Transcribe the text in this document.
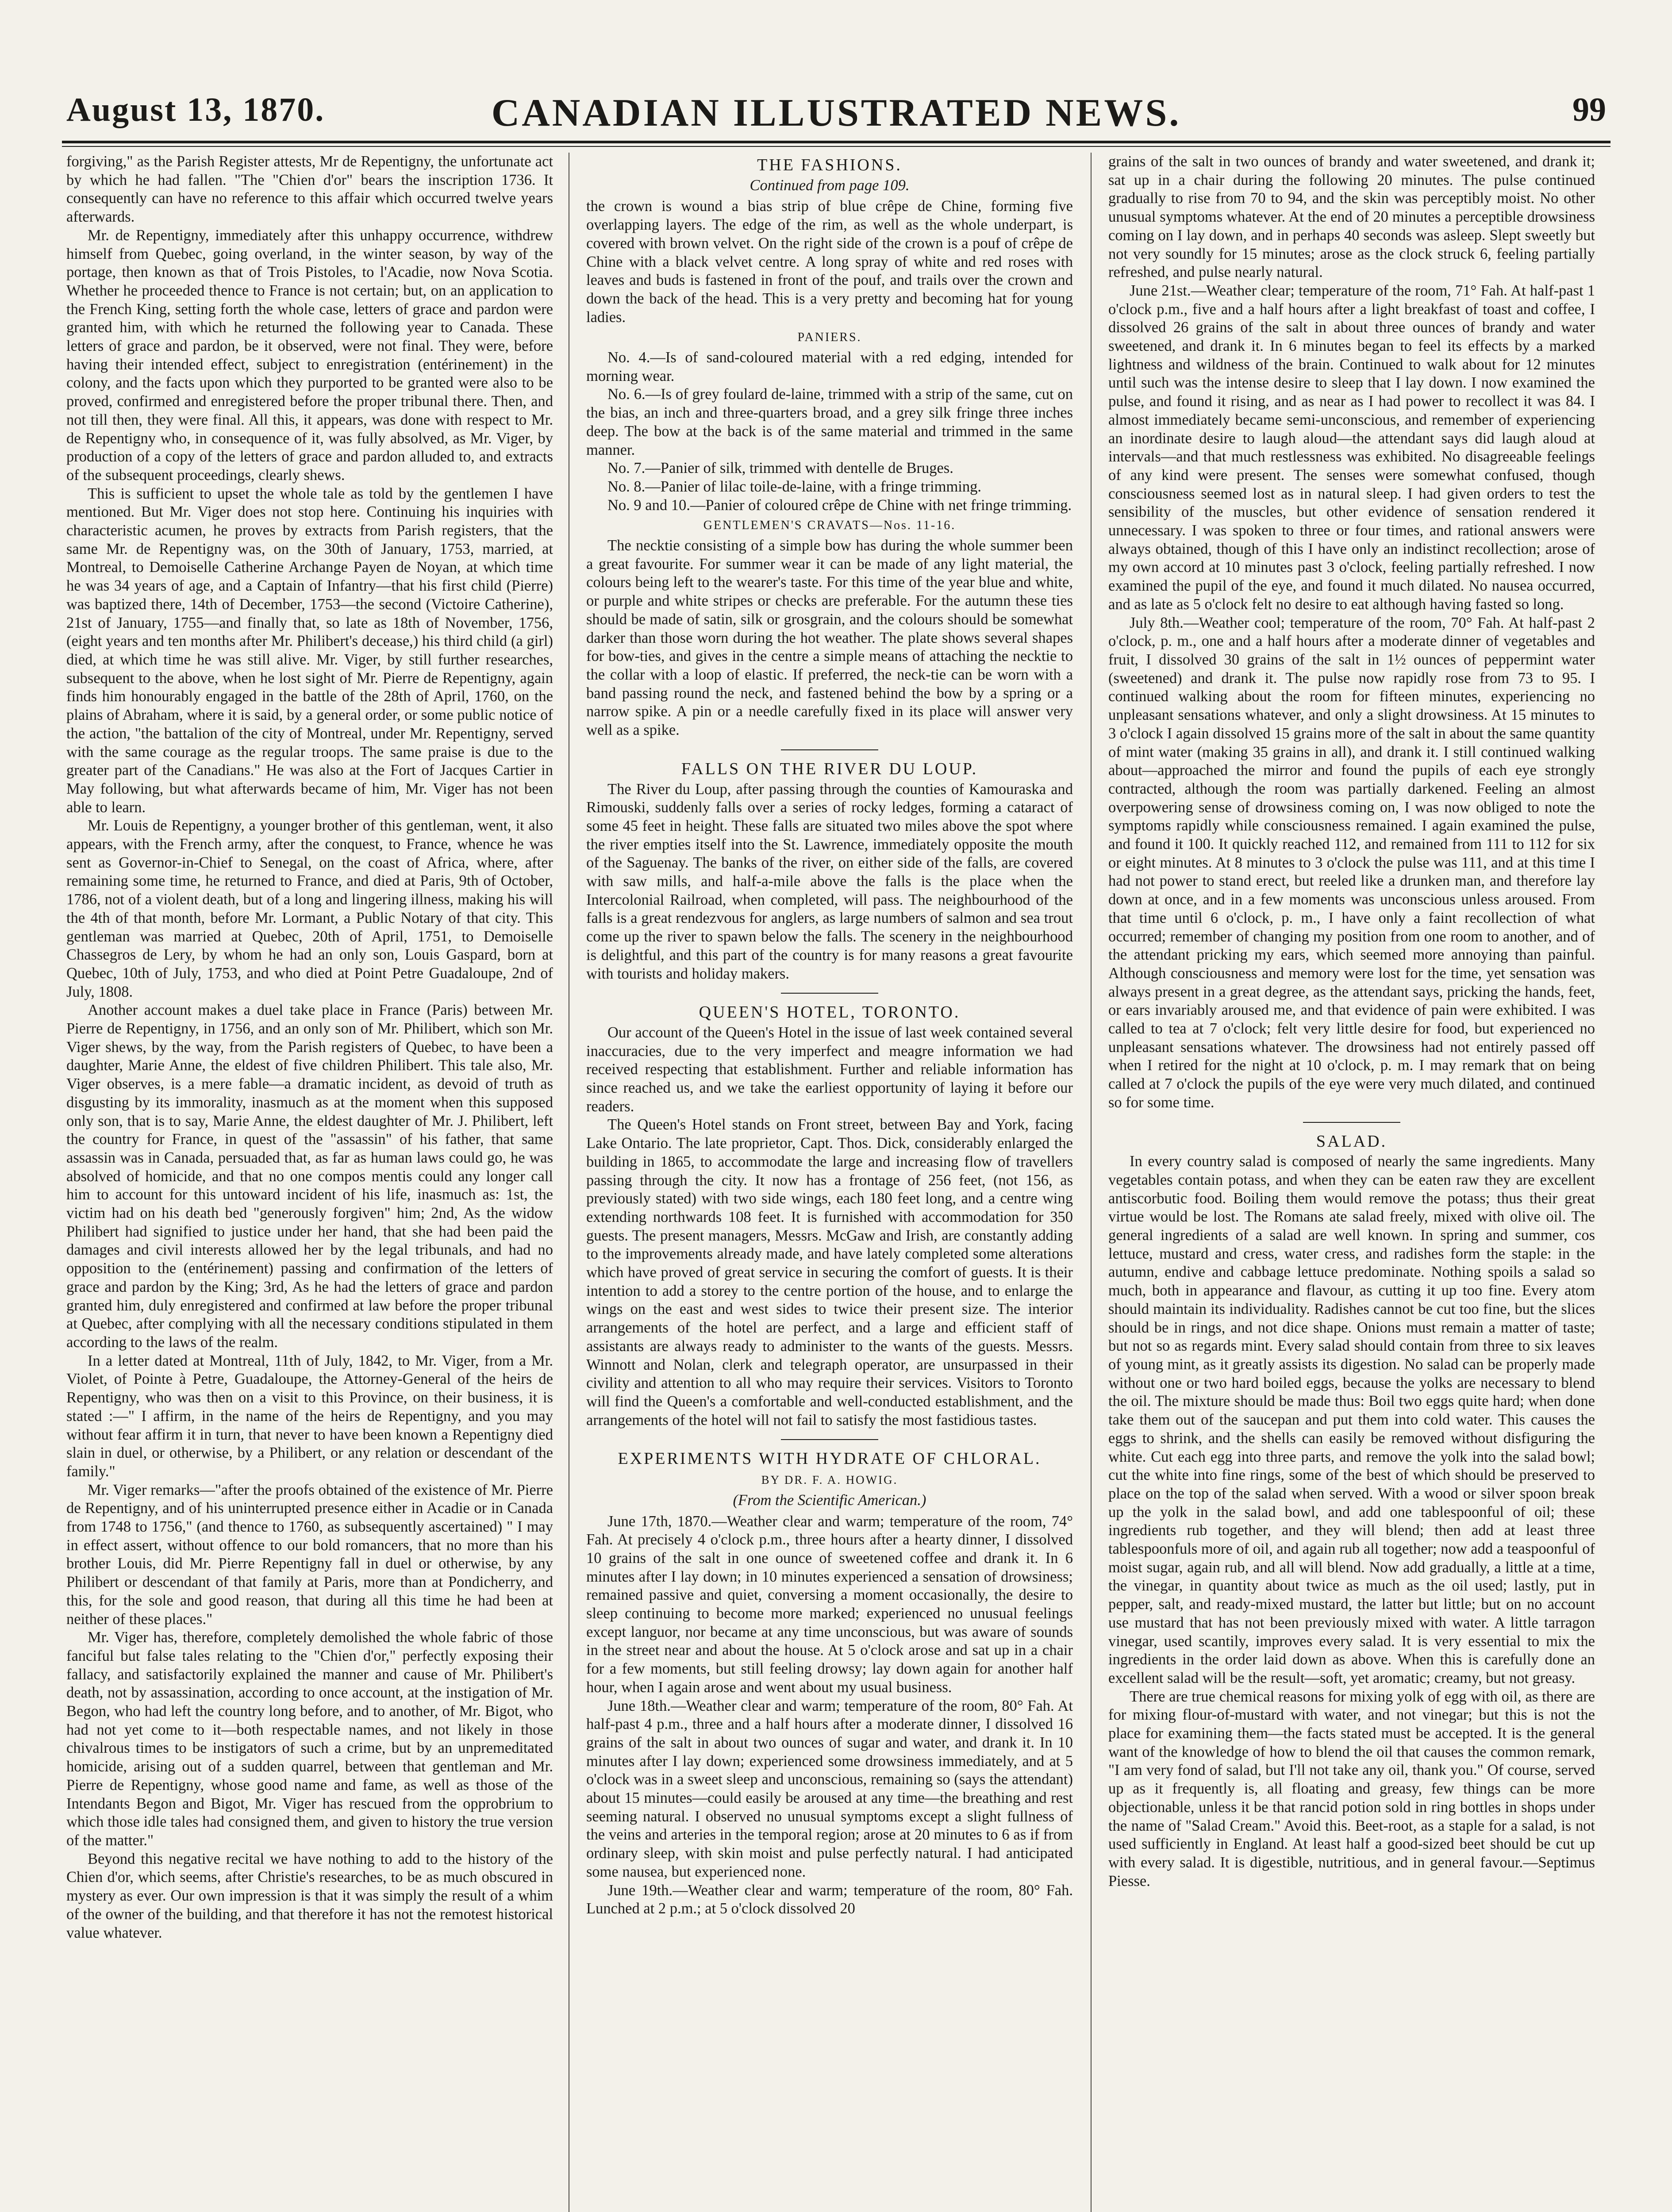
August 13, 1870.	CANADIAN ILLUSTRATED NEWS.	99

forgiving," as the Parish Register attests, Mr de Repentigny, the unfortunate act by which he had fallen. "The "Chien d'or" bears the inscription 1736. It consequently can have no reference to this affair which occurred twelve years afterwards.

Mr. de Repentigny, immediately after this unhappy occurrence, withdrew himself from Quebec, going overland, in the winter season, by way of the portage, then known as that of Trois Pistoles, to l'Acadie, now Nova Scotia. Whether he proceeded thence to France is not certain; but, on an application to the French King, setting forth the whole case, letters of grace and pardon were granted him, with which he returned the following year to Canada. These letters of grace and pardon, be it observed, were not final. They were, before having their intended effect, subject to enregistration (entérinement) in the colony, and the facts upon which they purported to be granted were also to be proved, confirmed and enregistered before the proper tribunal there. Then, and not till then, they were final. All this, it appears, was done with respect to Mr. de Repentigny who, in consequence of it, was fully absolved, as Mr. Viger, by production of a copy of the letters of grace and pardon alluded to, and extracts of the subsequent proceedings, clearly shews.

This is sufficient to upset the whole tale as told by the gentlemen I have mentioned. But Mr. Viger does not stop here. Continuing his inquiries with characteristic acumen, he proves by extracts from Parish registers, that the same Mr. de Repentigny was, on the 30th of January, 1753, married, at Montreal, to Demoiselle Catherine Archange Payen de Noyan, at which time he was 34 years of age, and a Captain of Infantry—that his first child (Pierre) was baptized there, 14th of December, 1753—the second (Victoire Catherine), 21st of January, 1755—and finally that, so late as 18th of November, 1756, (eight years and ten months after Mr. Philibert's decease,) his third child (a girl) died, at which time he was still alive. Mr. Viger, by still further researches, subsequent to the above, when he lost sight of Mr. Pierre de Repentigny, again finds him honourably engaged in the battle of the 28th of April, 1760, on the plains of Abraham, where it is said, by a general order, or some public notice of the action, "the battalion of the city of Montreal, under Mr. Repentigny, served with the same courage as the regular troops. The same praise is due to the greater part of the Canadians." He was also at the Fort of Jacques Cartier in May following, but what afterwards became of him, Mr. Viger has not been able to learn.

Mr. Louis de Repentigny, a younger brother of this gentleman, went, it also appears, with the French army, after the conquest, to France, whence he was sent as Governor-in-Chief to Senegal, on the coast of Africa, where, after remaining some time, he returned to France, and died at Paris, 9th of October, 1786, not of a violent death, but of a long and lingering illness, making his will the 4th of that month, before Mr. Lormant, a Public Notary of that city. This gentleman was married at Quebec, 20th of April, 1751, to Demoiselle Chassegros de Lery, by whom he had an only son, Louis Gaspard, born at Quebec, 10th of July, 1753, and who died at Point Petre Guadaloupe, 2nd of July, 1808.

Another account makes a duel take place in France (Paris) between Mr. Pierre de Repentigny, in 1756, and an only son of Mr. Philibert, which son Mr. Viger shews, by the way, from the Parish registers of Quebec, to have been a daughter, Marie Anne, the eldest of five children Philibert. This tale also, Mr. Viger observes, is a mere fable—a dramatic incident, as devoid of truth as disgusting by its immorality, inasmuch as at the moment when this supposed only son, that is to say, Marie Anne, the eldest daughter of Mr. J. Philibert, left the country for France, in quest of the "assassin" of his father, that same assassin was in Canada, persuaded that, as far as human laws could go, he was absolved of homicide, and that no one compos mentis could any longer call him to account for this untoward incident of his life, inasmuch as: 1st, the victim had on his death bed "generously forgiven" him; 2nd, As the widow Philibert had signified to justice under her hand, that she had been paid the damages and civil interests allowed her by the legal tribunals, and had no opposition to the (entérinement) passing and confirmation of the letters of grace and pardon by the King; 3rd, As he had the letters of grace and pardon granted him, duly enregistered and confirmed at law before the proper tribunal at Quebec, after complying with all the necessary conditions stipulated in them according to the laws of the realm.

In a letter dated at Montreal, 11th of July, 1842, to Mr. Viger, from a Mr. Violet, of Pointe à Petre, Guadaloupe, the Attorney-General of the heirs de Repentigny, who was then on a visit to this Province, on their business, it is stated :—" I affirm, in the name of the heirs de Repentigny, and you may without fear affirm it in turn, that never to have been known a Repentigny died slain in duel, or otherwise, by a Philibert, or any relation or descendant of the family."

Mr. Viger remarks—"after the proofs obtained of the existence of Mr. Pierre de Repentigny, and of his uninterrupted presence either in Acadie or in Canada from 1748 to 1756," (and thence to 1760, as subsequently ascertained) " I may in effect assert, without offence to our bold romancers, that no more than his brother Louis, did Mr. Pierre Repentigny fall in duel or otherwise, by any Philibert or descendant of that family at Paris, more than at Pondicherry, and this, for the sole and good reason, that during all this time he had been at neither of these places."

Mr. Viger has, therefore, completely demolished the whole fabric of those fanciful but false tales relating to the "Chien d'or," perfectly exposing their fallacy, and satisfactorily explained the manner and cause of Mr. Philibert's death, not by assassination, according to once account, at the instigation of Mr. Begon, who had left the country long before, and to another, of Mr. Bigot, who had not yet come to it—both respectable names, and not likely in those chivalrous times to be instigators of such a crime, but by an unpremeditated homicide, arising out of a sudden quarrel, between that gentleman and Mr. Pierre de Repentigny, whose good name and fame, as well as those of the Intendants Begon and Bigot, Mr. Viger has rescued from the opprobrium to which those idle tales had consigned them, and given to history the true version of the matter."

Beyond this negative recital we have nothing to add to the history of the Chien d'or, which seems, after Christie's researches, to be as much obscured in mystery as ever. Our own impression is that it was simply the result of a whim of the owner of the building, and that therefore it has not the remotest historical value whatever.

THE FASHIONS.

Continued from page 109.

the crown is wound a bias strip of blue crêpe de Chine, forming five overlapping layers. The edge of the rim, as well as the whole underpart, is covered with brown velvet. On the right side of the crown is a pouf of crêpe de Chine with a black velvet centre. A long spray of white and red roses with leaves and buds is fastened in front of the pouf, and trails over the crown and down the back of the head. This is a very pretty and becoming hat for young ladies.

PANIERS.

No. 4.—Is of sand-coloured material with a red edging, intended for morning wear.

No. 6.—Is of grey foulard de-laine, trimmed with a strip of the same, cut on the bias, an inch and three-quarters broad, and a grey silk fringe three inches deep. The bow at the back is of the same material and trimmed in the same manner.

No. 7.—Panier of silk, trimmed with dentelle de Bruges.

No. 8.—Panier of lilac toile-de-laine, with a fringe trimming.

No. 9 and 10.—Panier of coloured crêpe de Chine with net fringe trimming.

GENTLEMEN'S CRAVATS—Nos. 11-16.

The necktie consisting of a simple bow has during the whole summer been a great favourite. For summer wear it can be made of any light material, the colours being left to the wearer's taste. For this time of the year blue and white, or purple and white stripes or checks are preferable. For the autumn these ties should be made of satin, silk or grosgrain, and the colours should be somewhat darker than those worn during the hot weather. The plate shows several shapes for bow-ties, and gives in the centre a simple means of attaching the necktie to the collar with a loop of elastic. If preferred, the neck-tie can be worn with a band passing round the neck, and fastened behind the bow by a spring or a narrow spike. A pin or a needle carefully fixed in its place will answer very well as a spike.

FALLS ON THE RIVER DU LOUP.

The River du Loup, after passing through the counties of Kamouraska and Rimouski, suddenly falls over a series of rocky ledges, forming a cataract of some 45 feet in height. These falls are situated two miles above the spot where the river empties itself into the St. Lawrence, immediately opposite the mouth of the Saguenay. The banks of the river, on either side of the falls, are covered with saw mills, and half-a-mile above the falls is the place when the Intercolonial Railroad, when completed, will pass. The neighbourhood of the falls is a great rendezvous for anglers, as large numbers of salmon and sea trout come up the river to spawn below the falls. The scenery in the neighbourhood is delightful, and this part of the country is for many reasons a great favourite with tourists and holiday makers.

QUEEN'S HOTEL, TORONTO.

Our account of the Queen's Hotel in the issue of last week contained several inaccuracies, due to the very imperfect and meagre information we had received respecting that establishment. Further and reliable information has since reached us, and we take the earliest opportunity of laying it before our readers.

The Queen's Hotel stands on Front street, between Bay and York, facing Lake Ontario. The late proprietor, Capt. Thos. Dick, considerably enlarged the building in 1865, to accommodate the large and increasing flow of travellers passing through the city. It now has a frontage of 256 feet, (not 156, as previously stated) with two side wings, each 180 feet long, and a centre wing extending northwards 108 feet. It is furnished with accommodation for 350 guests. The present managers, Messrs. McGaw and Irish, are constantly adding to the improvements already made, and have lately completed some alterations which have proved of great service in securing the comfort of guests. It is their intention to add a storey to the centre portion of the house, and to enlarge the wings on the east and west sides to twice their present size. The interior arrangements of the hotel are perfect, and a large and efficient staff of assistants are always ready to administer to the wants of the guests. Messrs. Winnott and Nolan, clerk and telegraph operator, are unsurpassed in their civility and attention to all who may require their services. Visitors to Toronto will find the Queen's a comfortable and well-conducted establishment, and the arrangements of the hotel will not fail to satisfy the most fastidious tastes.

EXPERIMENTS WITH HYDRATE OF CHLORAL.

BY DR. F. A. HOWIG.

(From the Scientific American.)

June 17th, 1870.—Weather clear and warm; temperature of the room, 74° Fah. At precisely 4 o'clock p.m., three hours after a hearty dinner, I dissolved 10 grains of the salt in one ounce of sweetened coffee and drank it. In 6 minutes after I lay down; in 10 minutes experienced a sensation of drowsiness; remained passive and quiet, conversing a moment occasionally, the desire to sleep continuing to become more marked; experienced no unusual feelings except languor, nor became at any time unconscious, but was aware of sounds in the street near and about the house. At 5 o'clock arose and sat up in a chair for a few moments, but still feeling drowsy; lay down again for another half hour, when I again arose and went about my usual business.

June 18th.—Weather clear and warm; temperature of the room, 80° Fah. At half-past 4 p.m., three and a half hours after a moderate dinner, I dissolved 16 grains of the salt in about two ounces of sugar and water, and drank it. In 10 minutes after I lay down; experienced some drowsiness immediately, and at 5 o'clock was in a sweet sleep and unconscious, remaining so (says the attendant) about 15 minutes—could easily be aroused at any time—the breathing and rest seeming natural. I observed no unusual symptoms except a slight fullness of the veins and arteries in the temporal region; arose at 20 minutes to 6 as if from ordinary sleep, with skin moist and pulse perfectly natural. I had anticipated some nausea, but experienced none.

June 19th.—Weather clear and warm; temperature of the room, 80° Fah. Lunched at 2 p.m.; at 5 o'clock dissolved 20

grains of the salt in two ounces of brandy and water sweetened, and drank it; sat up in a chair during the following 20 minutes. The pulse continued gradually to rise from 70 to 94, and the skin was perceptibly moist. No other unusual symptoms whatever. At the end of 20 minutes a perceptible drowsiness coming on I lay down, and in perhaps 40 seconds was asleep. Slept sweetly but not very soundly for 15 minutes; arose as the clock struck 6, feeling partially refreshed, and pulse nearly natural.

June 21st.—Weather clear; temperature of the room, 71° Fah. At half-past 1 o'clock p.m., five and a half hours after a light breakfast of toast and coffee, I dissolved 26 grains of the salt in about three ounces of brandy and water sweetened, and drank it. In 6 minutes began to feel its effects by a marked lightness and wildness of the brain. Continued to walk about for 12 minutes until such was the intense desire to sleep that I lay down. I now examined the pulse, and found it rising, and as near as I had power to recollect it was 84. I almost immediately became semi-unconscious, and remember of experiencing an inordinate desire to laugh aloud—the attendant says did laugh aloud at intervals—and that much restlessness was exhibited. No disagreeable feelings of any kind were present. The senses were somewhat confused, though consciousness seemed lost as in natural sleep. I had given orders to test the sensibility of the muscles, but other evidence of sensation rendered it unnecessary. I was spoken to three or four times, and rational answers were always obtained, though of this I have only an indistinct recollection; arose of my own accord at 10 minutes past 3 o'clock, feeling partially refreshed. I now examined the pupil of the eye, and found it much dilated. No nausea occurred, and as late as 5 o'clock felt no desire to eat although having fasted so long.

July 8th.—Weather cool; temperature of the room, 70° Fah. At half-past 2 o'clock, p. m., one and a half hours after a moderate dinner of vegetables and fruit, I dissolved 30 grains of the salt in 1½ ounces of peppermint water (sweetened) and drank it. The pulse now rapidly rose from 73 to 95. I continued walking about the room for fifteen minutes, experiencing no unpleasant sensations whatever, and only a slight drowsiness. At 15 minutes to 3 o'clock I again dissolved 15 grains more of the salt in about the same quantity of mint water (making 35 grains in all), and drank it. I still continued walking about—approached the mirror and found the pupils of each eye strongly contracted, although the room was partially darkened. Feeling an almost overpowering sense of drowsiness coming on, I was now obliged to note the symptoms rapidly while consciousness remained. I again examined the pulse, and found it 100. It quickly reached 112, and remained from 111 to 112 for six or eight minutes. At 8 minutes to 3 o'clock the pulse was 111, and at this time I had not power to stand erect, but reeled like a drunken man, and therefore lay down at once, and in a few moments was unconscious unless aroused. From that time until 6 o'clock, p. m., I have only a faint recollection of what occurred; remember of changing my position from one room to another, and of the attendant pricking my ears, which seemed more annoying than painful. Although consciousness and memory were lost for the time, yet sensation was always present in a great degree, as the attendant says, pricking the hands, feet, or ears invariably aroused me, and that evidence of pain were exhibited. I was called to tea at 7 o'clock; felt very little desire for food, but experienced no unpleasant sensations whatever. The drowsiness had not entirely passed off when I retired for the night at 10 o'clock, p. m. I may remark that on being called at 7 o'clock the pupils of the eye were very much dilated, and continued so for some time.

SALAD.

In every country salad is composed of nearly the same ingredients. Many vegetables contain potass, and when they can be eaten raw they are excellent antiscorbutic food. Boiling them would remove the potass; thus their great virtue would be lost. The Romans ate salad freely, mixed with olive oil. The general ingredients of a salad are well known. In spring and summer, cos lettuce, mustard and cress, water cress, and radishes form the staple: in the autumn, endive and cabbage lettuce predominate. Nothing spoils a salad so much, both in appearance and flavour, as cutting it up too fine. Every atom should maintain its individuality. Radishes cannot be cut too fine, but the slices should be in rings, and not dice shape. Onions must remain a matter of taste; but not so as regards mint. Every salad should contain from three to six leaves of young mint, as it greatly assists its digestion. No salad can be properly made without one or two hard boiled eggs, because the yolks are necessary to blend the oil. The mixture should be made thus: Boil two eggs quite hard; when done take them out of the saucepan and put them into cold water. This causes the eggs to shrink, and the shells can easily be removed without disfiguring the white. Cut each egg into three parts, and remove the yolk into the salad bowl; cut the white into fine rings, some of the best of which should be preserved to place on the top of the salad when served. With a wood or silver spoon break up the yolk in the salad bowl, and add one tablespoonful of oil; these ingredients rub together, and they will blend; then add at least three tablespoonfuls more of oil, and again rub all together; now add a teaspoonful of moist sugar, again rub, and all will blend. Now add gradually, a little at a time, the vinegar, in quantity about twice as much as the oil used; lastly, put in pepper, salt, and ready-mixed mustard, the latter but little; but on no account use mustard that has not been previously mixed with water. A little tarragon vinegar, used scantily, improves every salad. It is very essential to mix the ingredients in the order laid down as above. When this is carefully done an excellent salad will be the result—soft, yet aromatic; creamy, but not greasy.

There are true chemical reasons for mixing yolk of egg with oil, as there are for mixing flour-of-mustard with water, and not vinegar; but this is not the place for examining them—the facts stated must be accepted. It is the general want of the knowledge of how to blend the oil that causes the common remark, "I am very fond of salad, but I'll not take any oil, thank you." Of course, served up as it frequently is, all floating and greasy, few things can be more objectionable, unless it be that rancid potion sold in ring bottles in shops under the name of "Salad Cream." Avoid this. Beet-root, as a staple for a salad, is not used sufficiently in England. At least half a good-sized beet should be cut up with every salad. It is digestible, nutritious, and in general favour.—Septimus Piesse.
